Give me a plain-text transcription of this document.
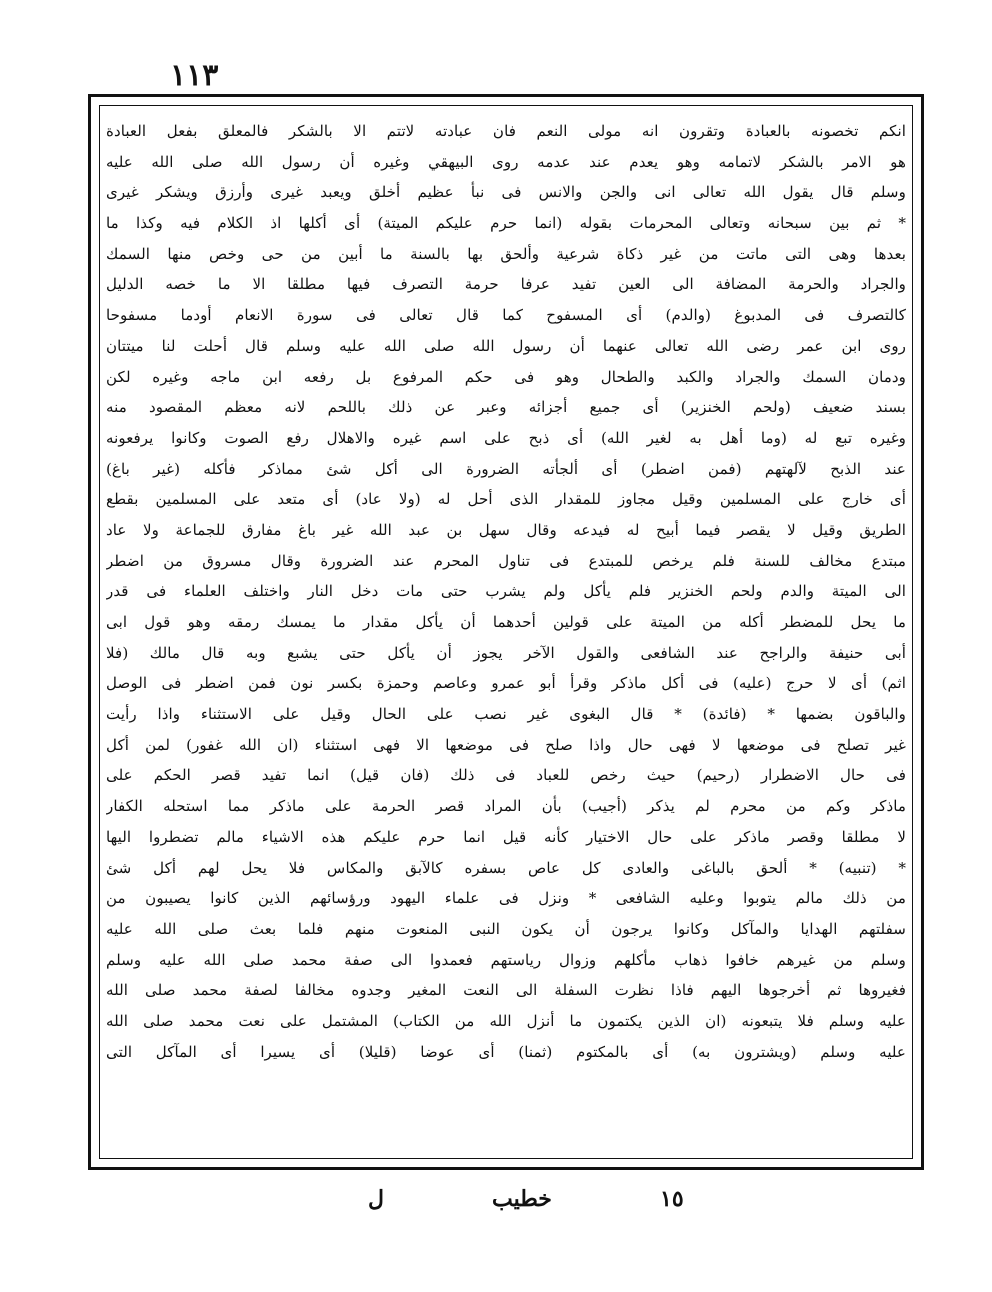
١١٣
انكم تخصونه بالعبادة وتقرون انه مولى النعم فان عبادته لاتتم الا بالشكر فالمعلق بفعل العبادة
هو الامر بالشكر لاتمامه وهو يعدم عند عدمه روى البيهقي وغيره أن رسول الله صلى الله عليه
وسلم قال يقول الله تعالى انى والجن والانس فى نبأ عظيم أخلق ويعبد غيرى وأرزق ويشكر غيرى
* ثم بين سبحانه وتعالى المحرمات بقوله (انما حرم عليكم الميتة) أى أكلها اذ الكلام فيه وكذا ما
بعدها وهى التى ماتت من غير ذكاة شرعية وألحق بها بالسنة ما أبين من حى وخص منها السمك
والجراد والحرمة المضافة الى العين تفيد عرفا حرمة التصرف فيها مطلقا الا ما خصه الدليل
كالتصرف فى المدبوغ (والدم) أى المسفوح كما قال تعالى فى سورة الانعام أودما مسفوحا
روى ابن عمر رضى الله تعالى عنهما أن رسول الله صلى الله عليه وسلم قال أحلت لنا ميتتان
ودمان السمك والجراد والكبد والطحال وهو فى حكم المرفوع بل رفعه ابن ماجه وغيره لكن
بسند ضعيف (ولحم الخنزير) أى جميع أجزائه وعبر عن ذلك باللحم لانه معظم المقصود منه
وغيره تبع له (وما أهل به لغير الله) أى ذبح على اسم غيره والاهلال رفع الصوت وكانوا يرفعونه
عند الذبح لآلهتهم (فمن اضطر) أى ألجأته الضرورة الى أكل شئ مماذكر فأكله (غير باغ)
أى خارج على المسلمين وقيل مجاوز للمقدار الذى أحل له (ولا عاد) أى متعد على المسلمين بقطع
الطريق وقيل لا يقصر فيما أبيح له فيدعه وقال سهل بن عبد الله غير باغ مفارق للجماعة ولا عاد
مبتدع مخالف للسنة فلم يرخص للمبتدع فى تناول المحرم عند الضرورة وقال مسروق من اضطر
الى الميتة والدم ولحم الخنزير فلم يأكل ولم يشرب حتى مات دخل النار واختلف العلماء فى قدر
ما يحل للمضطر أكله من الميتة على قولين أحدهما أن يأكل مقدار ما يمسك رمقه وهو قول ابى
أبى حنيفة والراجح عند الشافعى والقول الآخر يجوز أن يأكل حتى يشبع وبه قال مالك (فلا
اثم) أى لا حرج (عليه) فى أكل ماذكر وقرأ أبو عمرو وعاصم وحمزة بكسر نون فمن اضطر فى الوصل
والباقون بضمها * (فائدة) * قال البغوى غير نصب على الحال وقيل على الاستثناء واذا رأيت
غير تصلح فى موضعها لا فهى حال واذا صلح فى موضعها الا فهى استثناء (ان الله غفور) لمن أكل
فى حال الاضطرار (رحيم) حيث رخص للعباد فى ذلك (فان قيل) انما تفيد قصر الحكم على
ماذكر وكم من محرم لم يذكر (أجيب) بأن المراد قصر الحرمة على ماذكر مما استحله الكفار
لا مطلقا وقصر ماذكر على حال الاختيار كأنه قيل انما حرم عليكم هذه الاشياء مالم تضطروا اليها
* (تنبيه) * ألحق بالباغى والعادى كل عاص بسفره كالآبق والمكاس فلا يحل لهم أكل شئ
من ذلك مالم يتوبوا وعليه الشافعى * ونزل فى علماء اليهود ورؤسائهم الذين كانوا يصيبون من
سفلتهم الهدايا والمآكل وكانوا يرجون أن يكون النبى المنعوت منهم فلما بعث صلى الله عليه
وسلم من غيرهم خافوا ذهاب مأكلهم وزوال رياستهم فعمدوا الى صفة محمد صلى الله عليه وسلم
فغيروها ثم أخرجوها اليهم فاذا نظرت السفلة الى النعت المغير وجدوه مخالفا لصفة محمد صلى الله
عليه وسلم فلا يتبعونه (ان الذين يكتمون ما أنزل الله من الكتاب) المشتمل على نعت محمد صلى الله
عليه وسلم (ويشترون به) أى بالمكتوم (ثمنا) أى عوضا (قليلا) أى يسيرا أى المآكل التى
١٥
خطيب
ل
